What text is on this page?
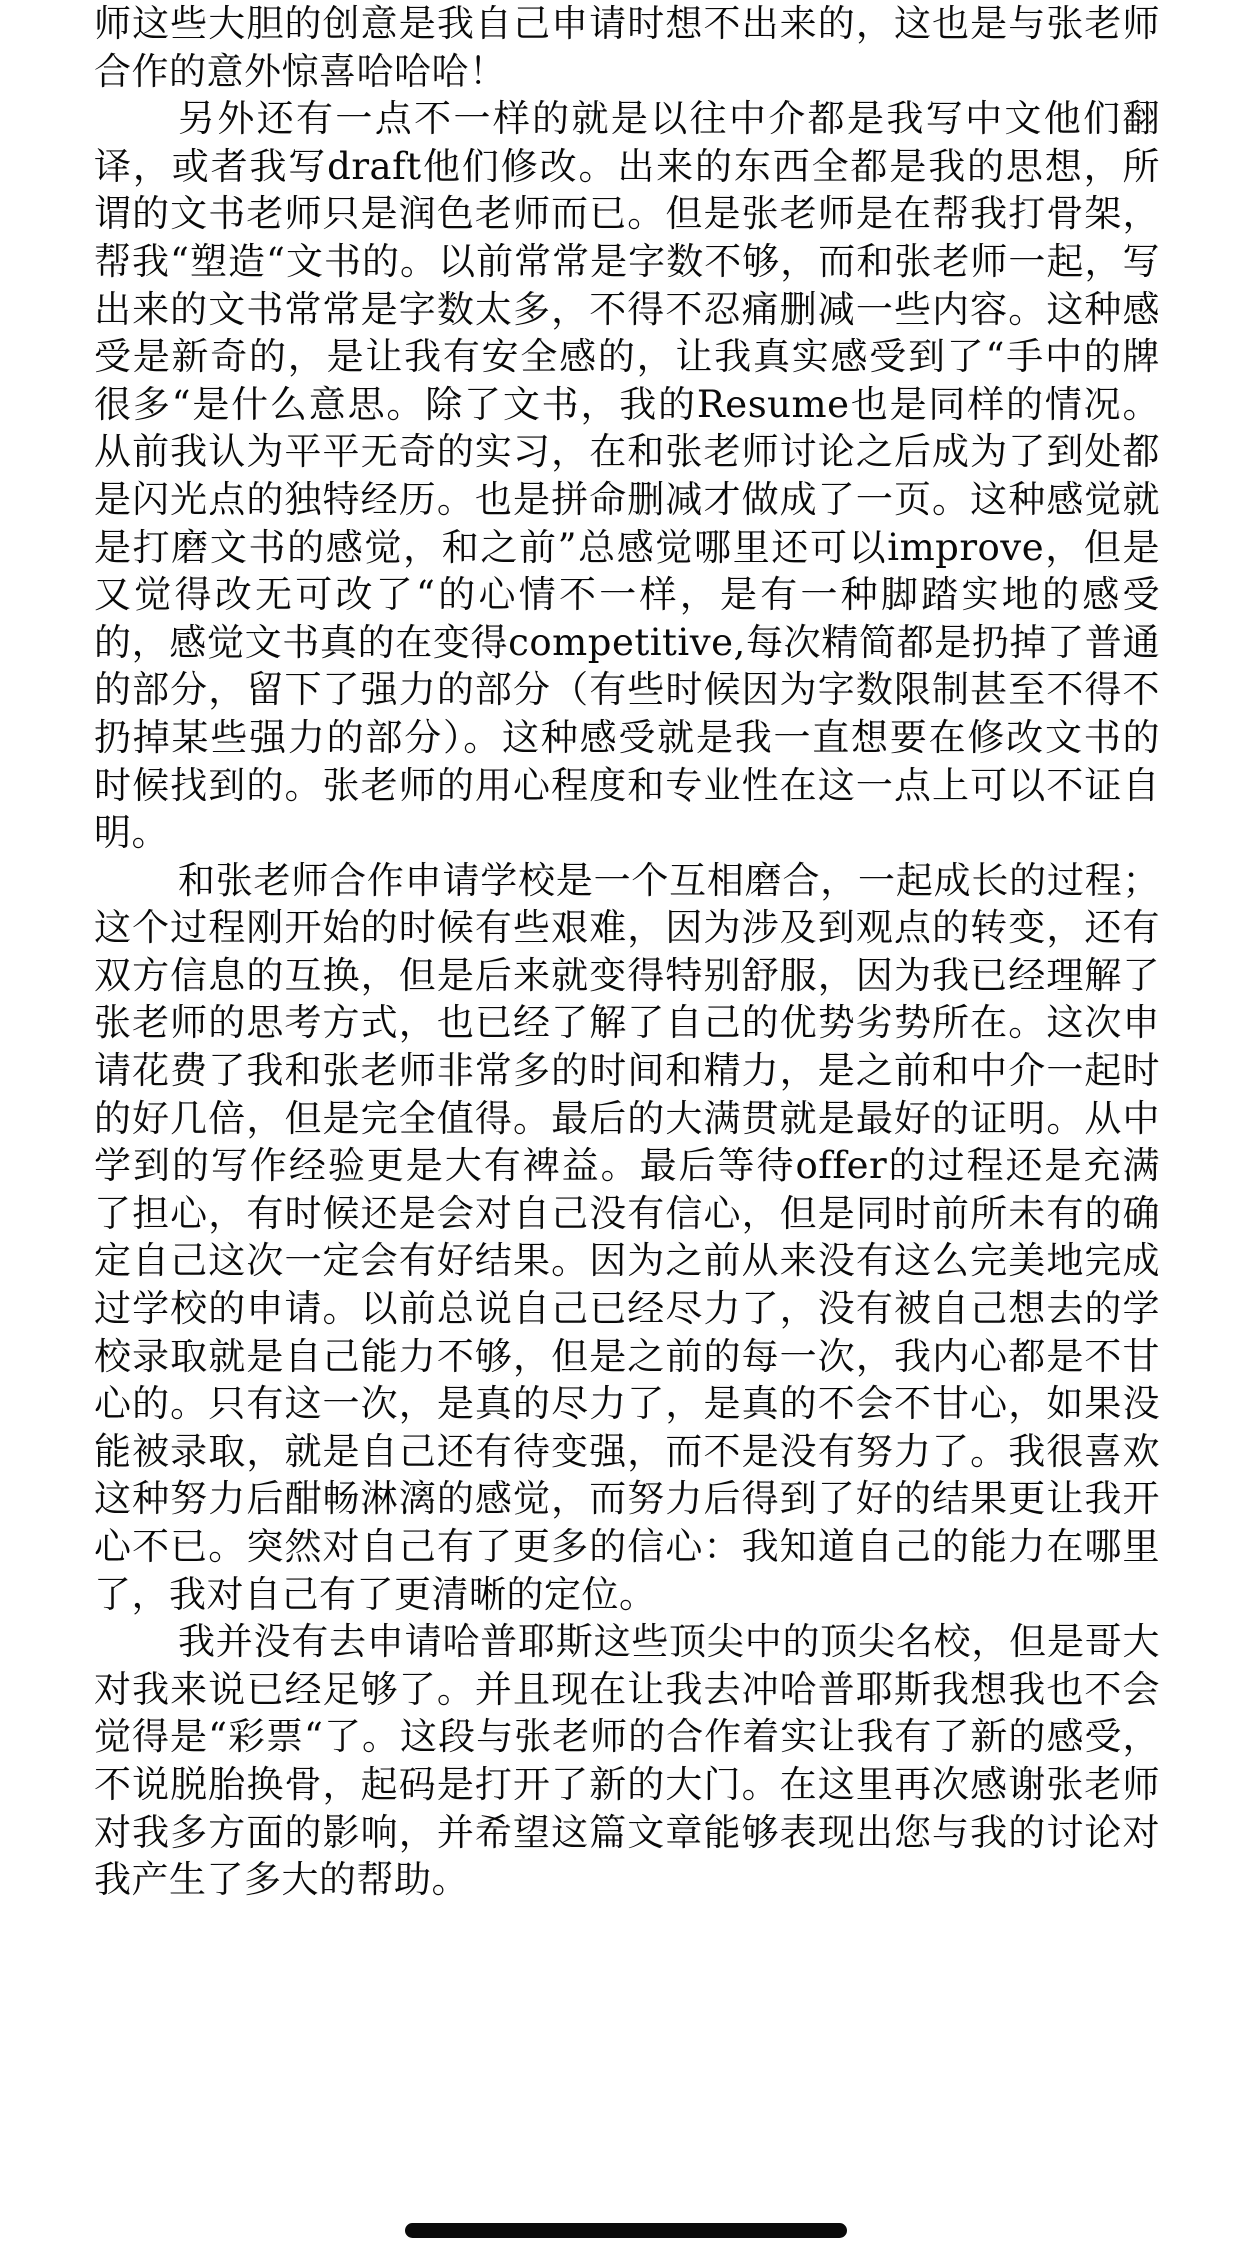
师这些大胆的创意是我自己申请时想不出来的，这也是与张老师合作的意外惊喜哈哈哈！

另外还有一点不一样的就是以往中介都是我写中文他们翻译，或者我写draft他们修改。出来的东西全都是我的思想，所谓的文书老师只是润色老师而已。但是张老师是在帮我打骨架，帮我“塑造“文书的。以前常常是字数不够，而和张老师一起，写出来的文书常常是字数太多，不得不忍痛删减一些内容。这种感受是新奇的，是让我有安全感的，让我真实感受到了“手中的牌很多“是什么意思。除了文书，我的Resume也是同样的情况。从前我认为平平无奇的实习，在和张老师讨论之后成为了到处都是闪光点的独特经历。也是拼命删减才做成了一页。这种感觉就是打磨文书的感觉，和之前”总感觉哪里还可以improve，但是又觉得改无可改了“的心情不一样，是有一种脚踏实地的感受的，感觉文书真的在变得competitive,每次精简都是扔掉了普通的部分，留下了强力的部分（有些时候因为字数限制甚至不得不扔掉某些强力的部分）。这种感受就是我一直想要在修改文书的时候找到的。张老师的用心程度和专业性在这一点上可以不证自明。

和张老师合作申请学校是一个互相磨合，一起成长的过程；这个过程刚开始的时候有些艰难，因为涉及到观点的转变，还有双方信息的互换，但是后来就变得特别舒服，因为我已经理解了张老师的思考方式，也已经了解了自己的优势劣势所在。这次申请花费了我和张老师非常多的时间和精力，是之前和中介一起时的好几倍，但是完全值得。最后的大满贯就是最好的证明。从中学到的写作经验更是大有裨益。最后等待offer的过程还是充满了担心，有时候还是会对自己没有信心，但是同时前所未有的确定自己这次一定会有好结果。因为之前从来没有这么完美地完成过学校的申请。以前总说自己已经尽力了，没有被自己想去的学校录取就是自己能力不够，但是之前的每一次，我内心都是不甘心的。只有这一次，是真的尽力了，是真的不会不甘心，如果没能被录取，就是自己还有待变强，而不是没有努力了。我很喜欢这种努力后酣畅淋漓的感觉，而努力后得到了好的结果更让我开心不已。突然对自己有了更多的信心：我知道自己的能力在哪里了，我对自己有了更清晰的定位。

我并没有去申请哈普耶斯这些顶尖中的顶尖名校，但是哥大对我来说已经足够了。并且现在让我去冲哈普耶斯我想我也不会觉得是“彩票“了。这段与张老师的合作着实让我有了新的感受，不说脱胎换骨，起码是打开了新的大门。在这里再次感谢张老师对我多方面的影响，并希望这篇文章能够表现出您与我的讨论对我产生了多大的帮助。
